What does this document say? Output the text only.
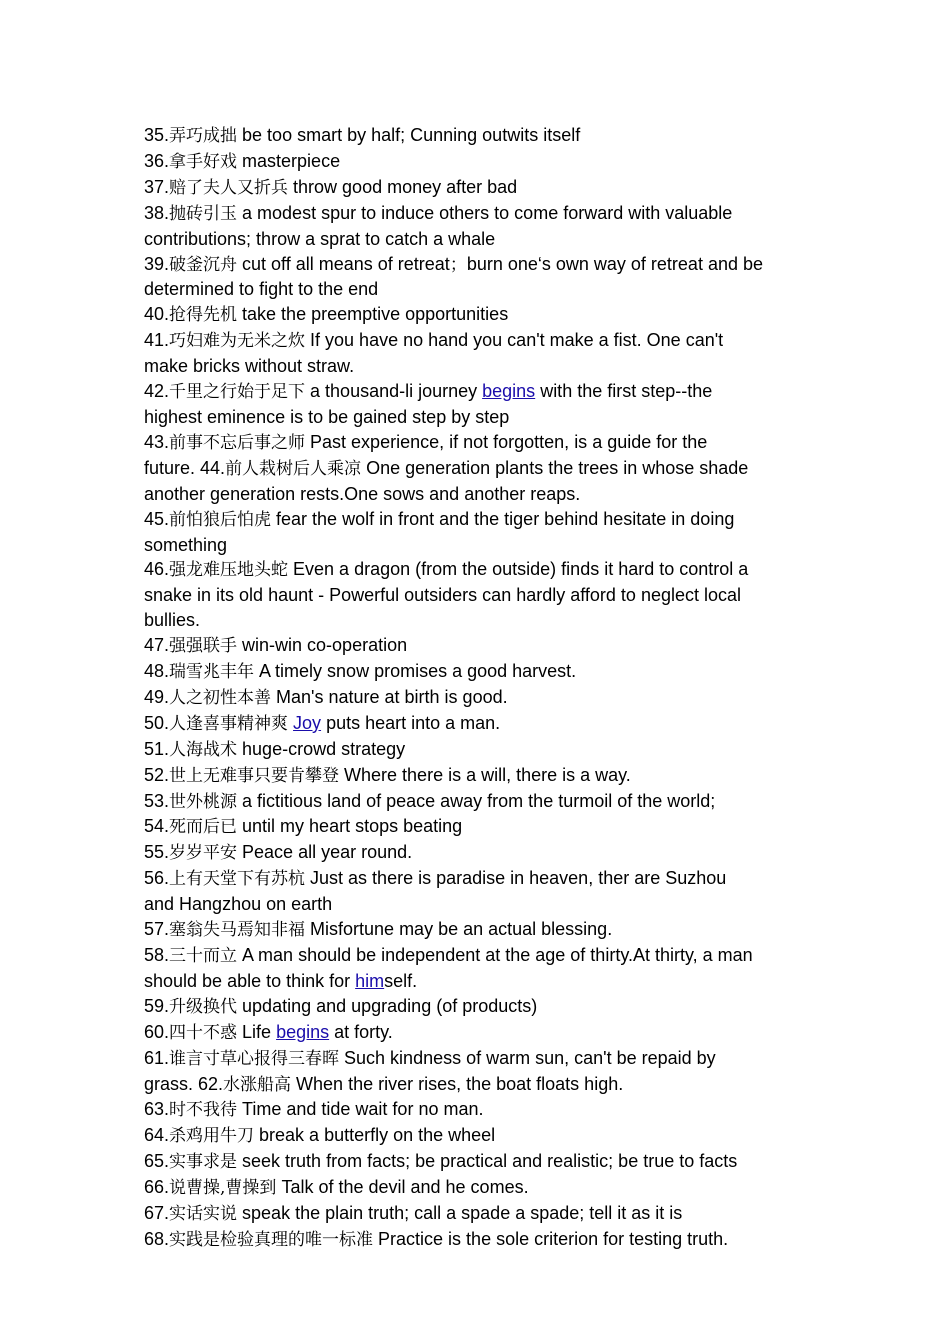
35.弄巧成拙 be too smart by half; Cunning outwits itself
36.拿手好戏 masterpiece
37.赔了夫人又折兵 throw good money after bad
38.抛砖引玉 a modest spur to induce others to come forward with valuable
contributions; throw a sprat to catch a whale
39.破釜沉舟 cut off all means of retreat；burn one‘s own way of retreat and be
determined to fight to the end
40.抢得先机 take the preemptive opportunities
41.巧妇难为无米之炊 If you have no hand you can't make a fist. One can't
make bricks without straw.
42.千里之行始于足下 a thousand-li journey begins with the first step--the
highest eminence is to be gained step by step
43.前事不忘后事之师 Past experience, if not forgotten, is a guide for the
future. 44.前人栽树后人乘凉 One generation plants the trees in whose shade
another generation rests.One sows and another reaps.
45.前怕狼后怕虎 fear the wolf in front and the tiger behind hesitate in doing
something
46.强龙难压地头蛇 Even a dragon (from the outside) finds it hard to control a
snake in its old haunt - Powerful outsiders can hardly afford to neglect local
bullies.
47.强强联手 win-win co-operation
48.瑞雪兆丰年 A timely snow promises a good harvest.
49.人之初性本善 Man's nature at birth is good.
50.人逢喜事精神爽 Joy puts heart into a man.
51.人海战术 huge-crowd strategy
52.世上无难事只要肯攀登 Where there is a will, there is a way.
53.世外桃源 a fictitious land of peace away from the turmoil of the world;
54.死而后已 until my heart stops beating
55.岁岁平安 Peace all year round.
56.上有天堂下有苏杭 Just as there is paradise in heaven, ther are Suzhou
and Hangzhou on earth
57.塞翁失马焉知非福 Misfortune may be an actual blessing.
58.三十而立 A man should be independent at the age of thirty.At thirty, a man
should be able to think for himself.
59.升级换代 updating and upgrading (of products)
60.四十不惑 Life begins at forty.
61.谁言寸草心报得三春晖 Such kindness of warm sun, can't be repaid by
grass. 62.水涨船高 When the river rises, the boat floats high.
63.时不我待 Time and tide wait for no man.
64.杀鸡用牛刀 break a butterfly on the wheel
65.实事求是 seek truth from facts; be practical and realistic; be true to facts
66.说曹操,曹操到 Talk of the devil and he comes.
67.实话实说 speak the plain truth; call a spade a spade; tell it as it is
68.实践是检验真理的唯一标准 Practice is the sole criterion for testing truth.
